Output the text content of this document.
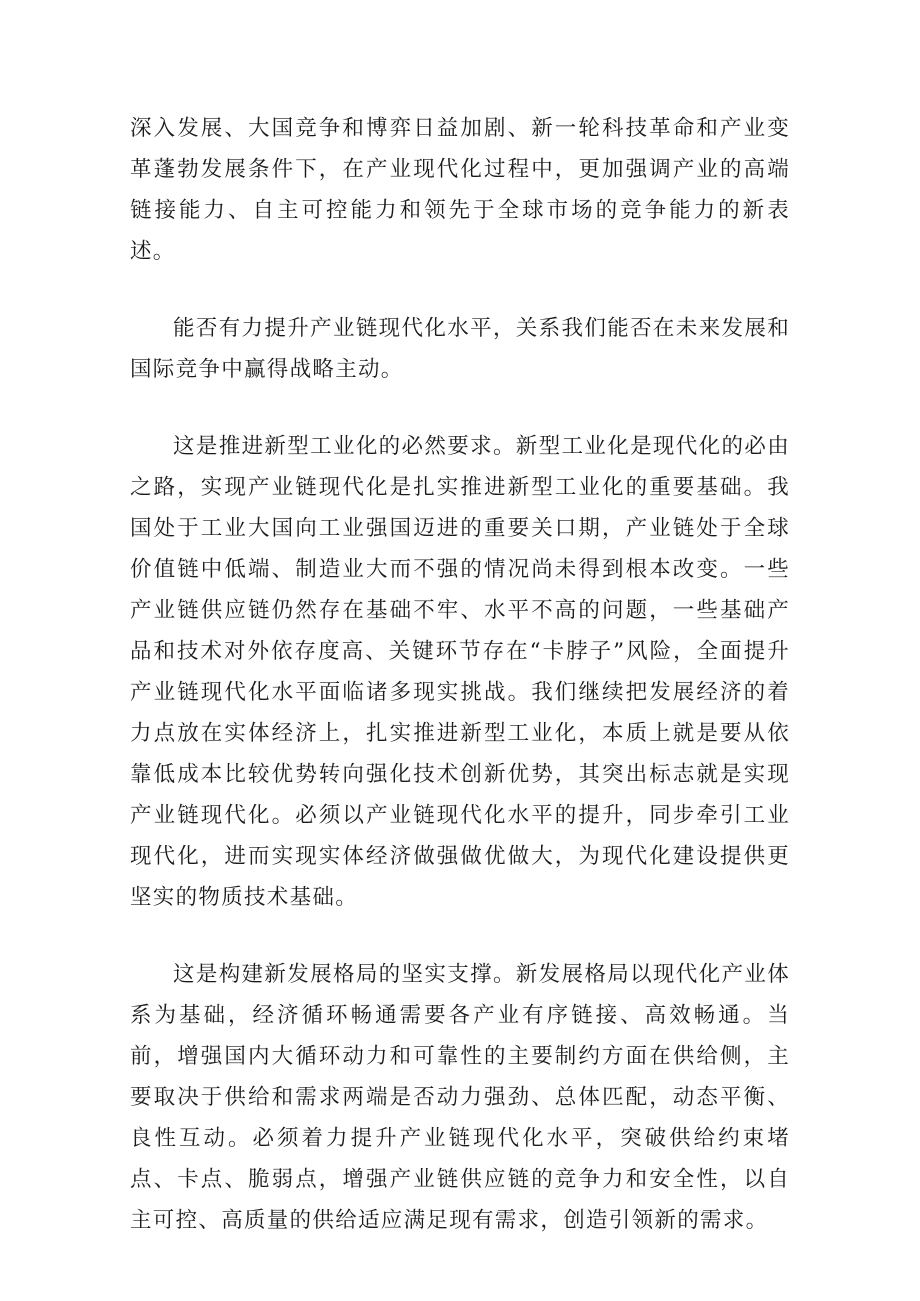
深入发展、大国竞争和博弈日益加剧、新一轮科技革命和产业变革蓬勃发展条件下，在产业现代化过程中，更加强调产业的高端链接能力、自主可控能力和领先于全球市场的竞争能力的新表述。

能否有力提升产业链现代化水平，关系我们能否在未来发展和国际竞争中赢得战略主动。

这是推进新型工业化的必然要求。新型工业化是现代化的必由之路，实现产业链现代化是扎实推进新型工业化的重要基础。我国处于工业大国向工业强国迈进的重要关口期，产业链处于全球价值链中低端、制造业大而不强的情况尚未得到根本改变。一些产业链供应链仍然存在基础不牢、水平不高的问题，一些基础产品和技术对外依存度高、关键环节存在“卡脖子”风险，全面提升产业链现代化水平面临诸多现实挑战。我们继续把发展经济的着力点放在实体经济上，扎实推进新型工业化，本质上就是要从依靠低成本比较优势转向强化技术创新优势，其突出标志就是实现产业链现代化。必须以产业链现代化水平的提升，同步牵引工业现代化，进而实现实体经济做强做优做大，为现代化建设提供更坚实的物质技术基础。

这是构建新发展格局的坚实支撑。新发展格局以现代化产业体系为基础，经济循环畅通需要各产业有序链接、高效畅通。当前，增强国内大循环动力和可靠性的主要制约方面在供给侧，主要取决于供给和需求两端是否动力强劲、总体匹配，动态平衡、良性互动。必须着力提升产业链现代化水平，突破供给约束堵点、卡点、脆弱点，增强产业链供应链的竞争力和安全性，以自主可控、高质量的供给适应满足现有需求，创造引领新的需求。
